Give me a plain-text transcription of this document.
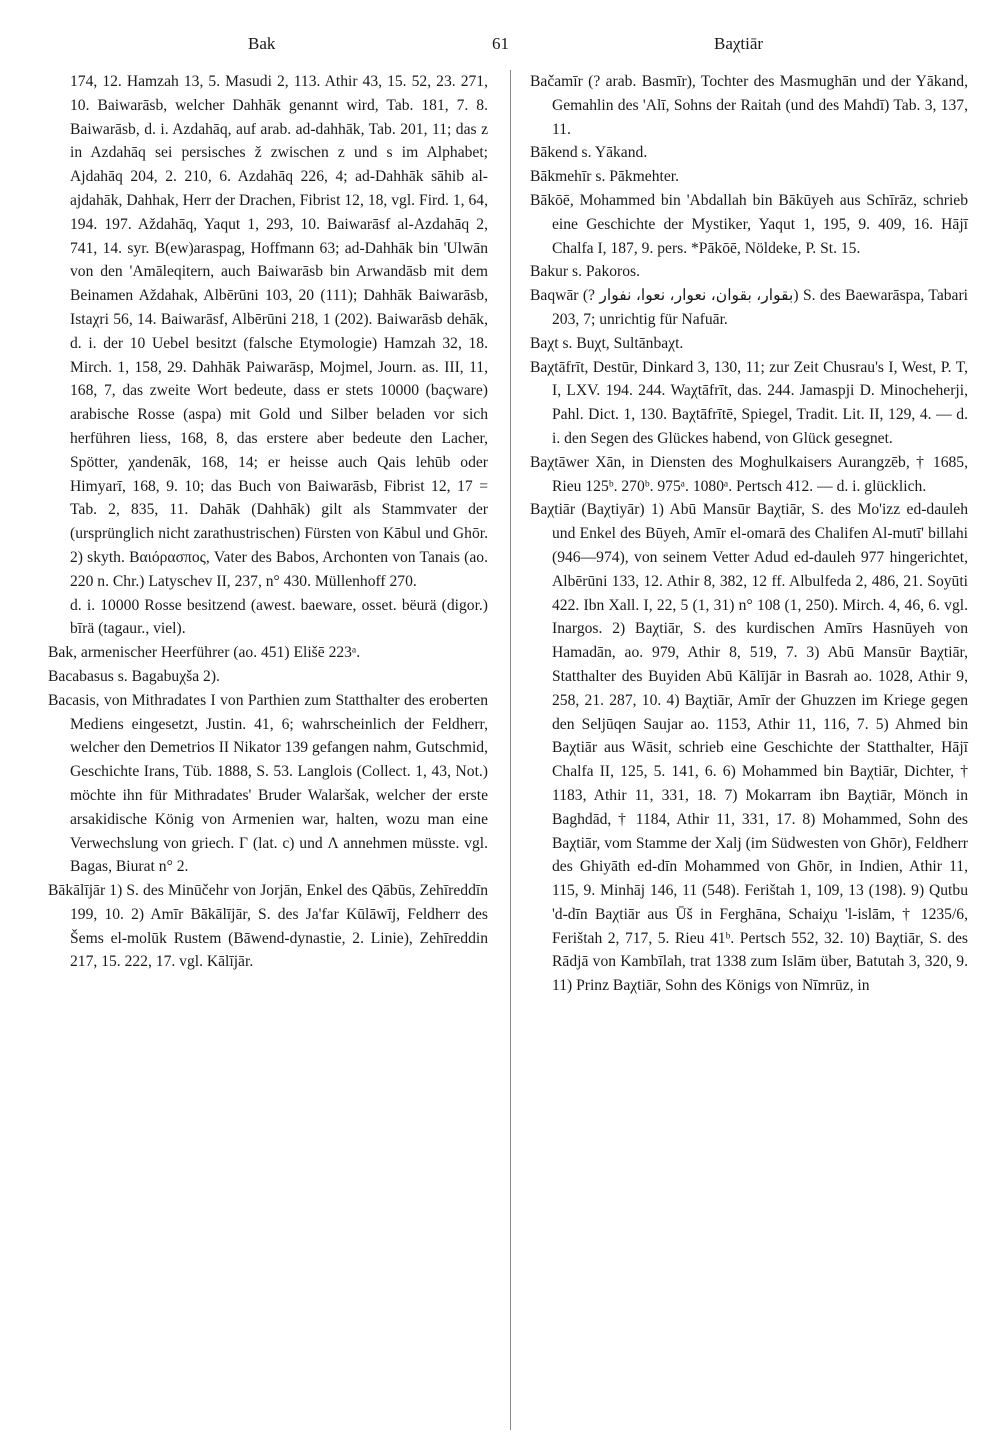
Bak	61	Baχtiār

174, 12. Hamzah 13, 5. Masudi 2, 113. Athir 43, 15. 52, 23. 271, 10. Baiwarāsb, welcher Dahhāk genannt wird, Tab. 181, 7. 8. Baiwarāsb, d. i. Azdahāq, auf arab. ad-dahhāk, Tab. 201, 11; das z in Azdahāq sei persisches ž zwischen z und s im Alphabet; Ajdahāq 204, 2. 210, 6. Azdahāq 226, 4; ad-Dahhāk sāhib al-ajdahāk, Dahhak, Herr der Drachen, Fibrist 12, 18, vgl. Fird. 1, 64, 194. 197. Aždahāq, Yaqut 1, 293, 10. Baiwarāsf al-Azdahāq 2, 741, 14. syr. B(ew)araspag, Hoffmann 63; ad-Dahhāk bin 'Ulwān von den 'Amāleqitern, auch Baiwarāsb bin Arwandāsb mit dem Beinamen Aždahak, Albērūni 103, 20 (111); Dahhāk Baiwarāsb, Istaχri 56, 14. Baiwarāsf, Albērūni 218, 1 (202). Baiwarāsb dehāk, d. i. der 10 Uebel besitzt (falsche Etymologie) Hamzah 32, 18. Mirch. 1, 158, 29. Dahhāk Paiwarāsp, Mojmel, Journ. as. III, 11, 168, 7, das zweite Wort bedeute, dass er stets 10000 (baçware) arabische Rosse (aspa) mit Gold und Silber beladen vor sich herführen liess, 168, 8, das erstere aber bedeute den Lacher, Spötter, χandenāk, 168, 14; er heisse auch Qais lehūb oder Himyarī, 168, 9. 10; das Buch von Baiwarāsb, Fibrist 12, 17 = Tab. 2, 835, 11. Dahāk (Dahhāk) gilt als Stammvater der (ursprünglich nicht zarathustrischen) Fürsten von Kābul und Ghōr. 2) skyth. Βαιόρασπος, Vater des Babos, Archonten von Tanais (ao. 220 n. Chr.) Latyschev II, 237, n° 430. Müllenhoff 270.

d. i. 10000 Rosse besitzend (awest. baeware, osset. bëurä (digor.) bīrä (tagaur., viel).

Bak, armenischer Heerführer (ao. 451) Elišē 223ᵃ.

Bacabasus s. Bagabuχša 2).

Bacasis, von Mithradates I von Parthien zum Statthalter des eroberten Mediens eingesetzt, Justin. 41, 6; wahrscheinlich der Feldherr, welcher den Demetrios II Nikator 139 gefangen nahm, Gutschmid, Geschichte Irans, Tüb. 1888, S. 53. Langlois (Collect. 1, 43, Not.) möchte ihn für Mithradates' Bruder Walaršak, welcher der erste arsakidische König von Armenien war, halten, wozu man eine Verwechslung von griech. Γ (lat. c) und Λ annehmen müsste. vgl. Bagas, Biurat n° 2.

Bākālījār 1) S. des Minūčehr von Jorjān, Enkel des Qābūs, Zehīreddīn 199, 10. 2) Amīr Bākālījār, S. des Ja'far Kūlāwīj, Feldherr des Šems el-molūk Rustem (Bāwend-dynastie, 2. Linie), Zehīreddin 217, 15. 222, 17. vgl. Kālījār.

Bačamīr (? arab. Basmīr), Tochter des Masmughān und der Yākand, Gemahlin des 'Alī, Sohns der Raitah (und des Mahdī) Tab. 3, 137, 11.

Bākend s. Yākand.

Bākmehīr s. Pākmehter.

Bākōē, Mohammed bin 'Abdallah bin Bākūyeh aus Schīrāz, schrieb eine Geschichte der Mystiker, Yaqut 1, 195, 9. 409, 16. Hājī Chalfa I, 187, 9. pers. *Pākōē, Nöldeke, P. St. 15.

Bakur s. Pakoros.

Baqwār (? بقوار، بقوان، نعوار، نعوا، نفوار) S. des Baewarāspa, Tabari 203, 7; unrichtig für Nafuār.

Baχt s. Buχt, Sultānbaχt.

Baχtāfrīt, Destūr, Dinkard 3, 130, 11; zur Zeit Chusrau's I, West, P. T, I, LXV. 194. 244. Waχtāfrīt, das. 244. Jamaspji D. Minocheherji, Pahl. Dict. 1, 130. Baχtāfrītē, Spiegel, Tradit. Lit. II, 129, 4. — d. i. den Segen des Glückes habend, von Glück gesegnet.

Baχtāwer Xān, in Diensten des Moghulkaisers Aurangzēb, † 1685, Rieu 125ᵇ. 270ᵇ. 975ᵃ. 1080ᵃ. Pertsch 412. — d. i. glücklich.

Baχtiār (Baχtiyār) 1) Abū Mansūr Baχtiār, S. des Mo'izz ed-dauleh und Enkel des Būyeh, Amīr el-omarā des Chalifen Al-mutī' billahi (946—974), von seinem Vetter Adud ed-dauleh 977 hingerichtet, Albērūni 133, 12. Athir 8, 382, 12 ff. Albulfeda 2, 486, 21. Soyūti 422. Ibn Xall. I, 22, 5 (1, 31) n° 108 (1, 250). Mirch. 4, 46, 6. vgl. Inargos. 2) Baχtiār, S. des kurdischen Amīrs Hasnūyeh von Hamadān, ao. 979, Athir 8, 519, 7. 3) Abū Mansūr Baχtiār, Statthalter des Buyiden Abū Kālījār in Basrah ao. 1028, Athir 9, 258, 21. 287, 10. 4) Baχtiār, Amīr der Ghuzzen im Kriege gegen den Seljūqen Saujar ao. 1153, Athir 11, 116, 7. 5) Ahmed bin Baχtiār aus Wāsit, schrieb eine Geschichte der Statthalter, Hājī Chalfa II, 125, 5. 141, 6. 6) Mohammed bin Baχtiār, Dichter, † 1183, Athir 11, 331, 18. 7) Mokarram ibn Baχtiār, Mönch in Baghdād, † 1184, Athir 11, 331, 17. 8) Mohammed, Sohn des Baχtiār, vom Stamme der Xalj (im Südwesten von Ghōr), Feldherr des Ghiyāth ed-dīn Mohammed von Ghōr, in Indien, Athir 11, 115, 9. Minhāj 146, 11 (548). Ferištah 1, 109, 13 (198). 9) Qutbu 'd-dīn Baχtiār aus Ūš in Ferghāna, Schaiχu 'l-islām, † 1235/6, Ferištah 2, 717, 5. Rieu 41ᵇ. Pertsch 552, 32. 10) Baχtiār, S. des Rādjā von Kambīlah, trat 1338 zum Islām über, Batutah 3, 320, 9. 11) Prinz Baχtiār, Sohn des Königs von Nīmrūz, in
